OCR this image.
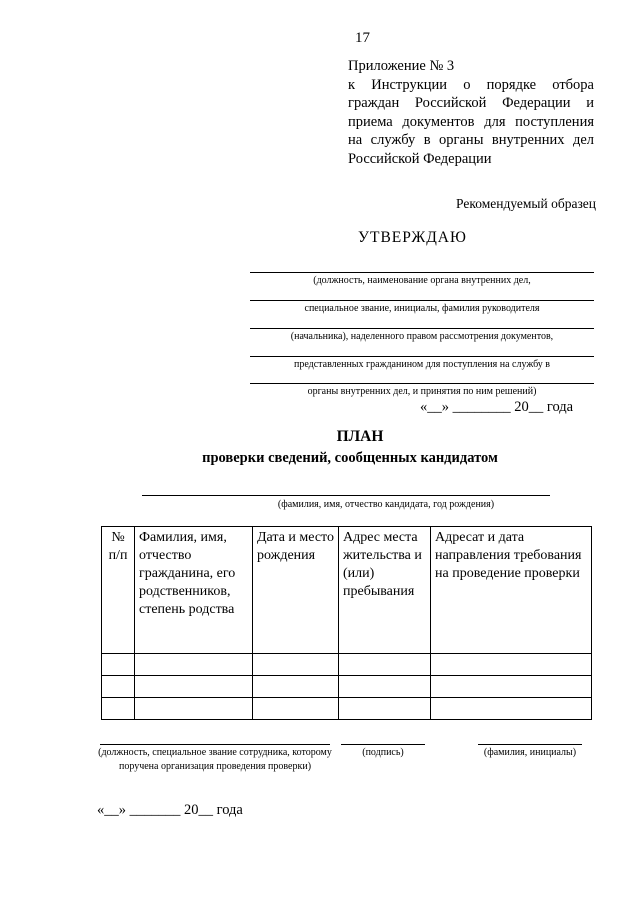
17
Приложение № 3
к Инструкции о порядке отбора
граждан Российской Федерации и
приема документов для поступления
на службу в органы внутренних дел
Российской Федерации
Рекомендуемый образец
УТВЕРЖДАЮ
(должность, наименование органа внутренних дел,
специальное звание, инициалы, фамилия руководителя
(начальника), наделенного правом рассмотрения документов,
представленных гражданином для поступления на службу в
органы внутренних дел, и принятия по ним решений)
«__» ________ 20__ года
ПЛАН
проверки сведений, сообщенных кандидатом
(фамилия, имя, отчество кандидата, год рождения)
№ п/п	Фамилия, имя, отчество гражданина, его родственников, степень родства	Дата и место рождения	Адрес места жительства и (или) пребывания	Адресат и дата направления требования на проведение проверки

(должность, специальное звание сотрудника, которому поручена организация проведения проверки)
(подпись)	(фамилия, инициалы)
«__» _______ 20__ года
